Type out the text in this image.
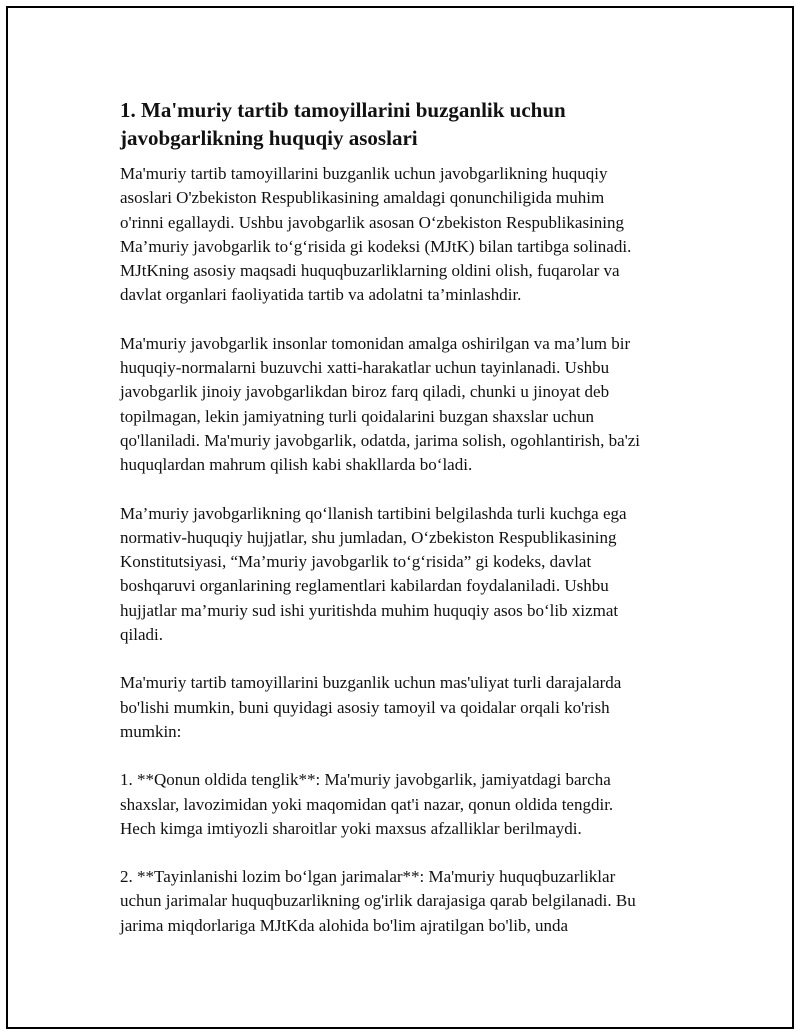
1. Ma'muriy tartib tamoyillarini buzganlik uchun
javobgarlikning huquqiy asoslari

Ma'muriy tartib tamoyillarini buzganlik uchun javobgarlikning huquqiy
asoslari O'zbekiston Respublikasining amaldagi qonunchiligida muhim
o'rinni egallaydi. Ushbu javobgarlik asosan O‘zbekiston Respublikasining
Ma’muriy javobgarlik to‘g‘risida gi kodeksi (MJtK) bilan tartibga solinadi.
MJtKning asosiy maqsadi huquqbuzarliklarning oldini olish, fuqarolar va
davlat organlari faoliyatida tartib va adolatni ta’minlashdir.

Ma'muriy javobgarlik insonlar tomonidan amalga oshirilgan va ma’lum bir
huquqiy-normalarni buzuvchi xatti-harakatlar uchun tayinlanadi. Ushbu
javobgarlik jinoiy javobgarlikdan biroz farq qiladi, chunki u jinoyat deb
topilmagan, lekin jamiyatning turli qoidalarini buzgan shaxslar uchun
qo'llaniladi. Ma'muriy javobgarlik, odatda, jarima solish, ogohlantirish, ba'zi
huquqlardan mahrum qilish kabi shakllarda bo‘ladi.

Ma’muriy javobgarlikning qo‘llanish tartibini belgilashda turli kuchga ega
normativ-huquqiy hujjatlar, shu jumladan, O‘zbekiston Respublikasining
Konstitutsiyasi, “Ma’muriy javobgarlik to‘g‘risida” gi kodeks, davlat
boshqaruvi organlarining reglamentlari kabilardan foydalaniladi. Ushbu
hujjatlar ma’muriy sud ishi yuritishda muhim huquqiy asos bo‘lib xizmat
qiladi.

Ma'muriy tartib tamoyillarini buzganlik uchun mas'uliyat turli darajalarda
bo'lishi mumkin, buni quyidagi asosiy tamoyil va qoidalar orqali ko'rish
mumkin:

1. **Qonun oldida tenglik**: Ma'muriy javobgarlik, jamiyatdagi barcha
shaxslar, lavozimidan yoki maqomidan qat'i nazar, qonun oldida tengdir.
Hech kimga imtiyozli sharoitlar yoki maxsus afzalliklar berilmaydi.

2. **Tayinlanishi lozim bo‘lgan jarimalar**: Ma'muriy huquqbuzarliklar
uchun jarimalar huquqbuzarlikning og'irlik darajasiga qarab belgilanadi. Bu
jarima miqdorlariga MJtKda alohida bo'lim ajratilgan bo'lib, unda
